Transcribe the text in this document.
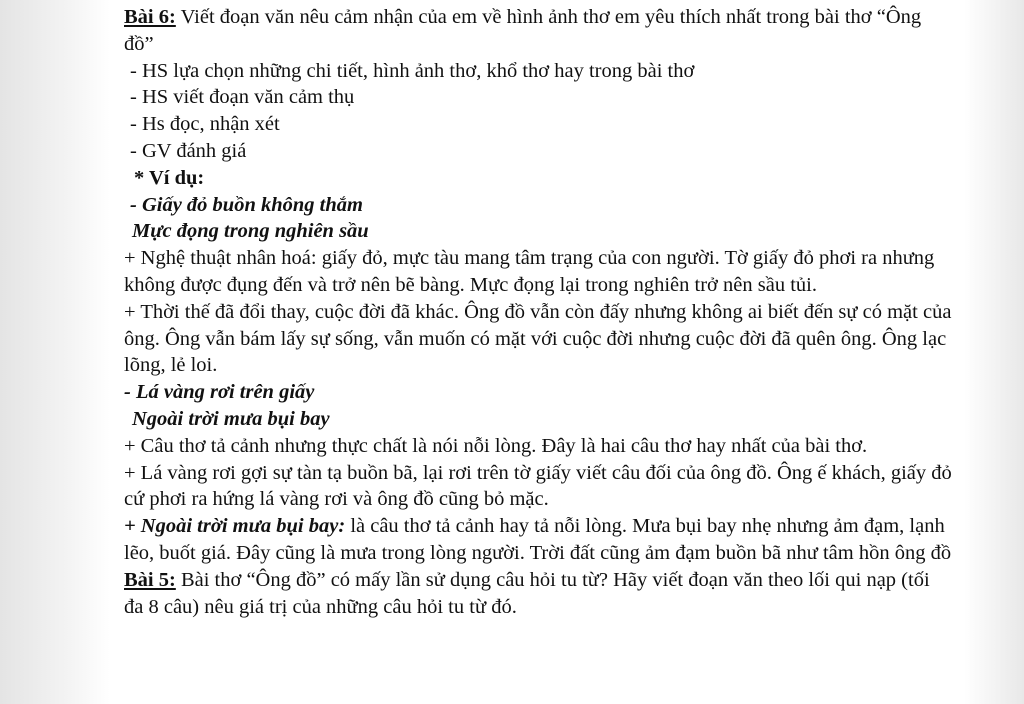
Bài 6: Viết đoạn văn nêu cảm nhận của em về hình ảnh thơ em yêu thích nhất trong bài thơ “Ông đồ”

- HS lựa chọn những chi tiết, hình ảnh thơ, khổ thơ hay trong bài thơ

- HS viết đoạn văn cảm thụ

- Hs đọc, nhận xét

- GV đánh giá

* Ví dụ:

- Giấy đỏ buồn không thắm

Mực đọng trong nghiên sầu

+ Nghệ thuật nhân hoá: giấy đỏ, mực tàu mang tâm trạng của con người. Tờ giấy đỏ phơi ra nhưng không được đụng đến và trở nên bẽ bàng. Mực đọng lại trong nghiên trở nên sầu tủi.

+ Thời thế đã đổi thay, cuộc đời đã khác. Ông đồ vẫn còn đấy nhưng không ai biết đến sự có mặt của ông. Ông vẫn bám lấy sự sống, vẫn muốn có mặt với cuộc đời nhưng cuộc đời đã quên ông. Ông lạc lõng, lẻ loi.

- Lá vàng rơi trên giấy

Ngoài trời mưa bụi bay

+ Câu thơ tả cảnh nhưng thực chất là nói nỗi lòng. Đây là hai câu thơ hay nhất của bài thơ.

+ Lá vàng rơi gợi sự tàn tạ buồn bã, lại rơi trên tờ giấy viết câu đối của ông đồ. Ông ế khách, giấy đỏ cứ phơi ra hứng lá vàng rơi và ông đồ cũng bỏ mặc.

+ Ngoài trời mưa bụi bay: là câu thơ tả cảnh hay tả nỗi lòng. Mưa bụi bay nhẹ nhưng ảm đạm, lạnh lẽo, buốt giá. Đây cũng là mưa trong lòng người. Trời đất cũng ảm đạm buồn bã như tâm hồn ông đồ

Bài 5: Bài thơ “Ông đồ” có mấy lần sử dụng câu hỏi tu từ? Hãy viết đoạn văn theo lối qui nạp (tối đa 8 câu) nêu giá trị của những câu hỏi tu từ đó.
